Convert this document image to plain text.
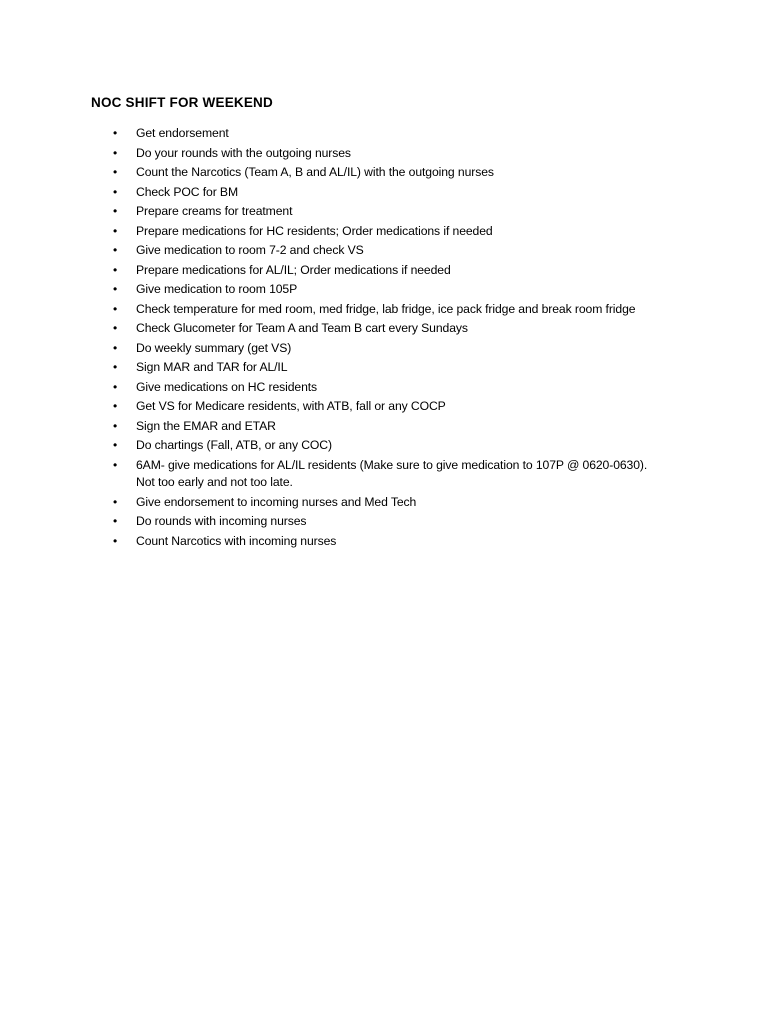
NOC SHIFT FOR WEEKEND
• Get endorsement
• Do your rounds with the outgoing nurses
• Count the Narcotics (Team A, B and AL/IL) with the outgoing nurses
• Check POC for BM
• Prepare creams for treatment
• Prepare medications for HC residents; Order medications if needed
• Give medication to room 7-2 and check VS
• Prepare medications for AL/IL; Order medications if needed
• Give medication to room 105P
• Check temperature for med room, med fridge, lab fridge, ice pack fridge and break room fridge
• Check Glucometer for Team A and Team B cart every Sundays
• Do weekly summary (get VS)
• Sign MAR and TAR for AL/IL
• Give medications on HC residents
• Get VS for Medicare residents, with ATB, fall or any COCP
• Sign the EMAR and ETAR
• Do chartings (Fall, ATB, or any COC)
• 6AM- give medications for AL/IL residents (Make sure to give medication to 107P @ 0620-0630).
Not too early and not too late.
• Give endorsement to incoming nurses and Med Tech
• Do rounds with incoming nurses
• Count Narcotics with incoming nurses
